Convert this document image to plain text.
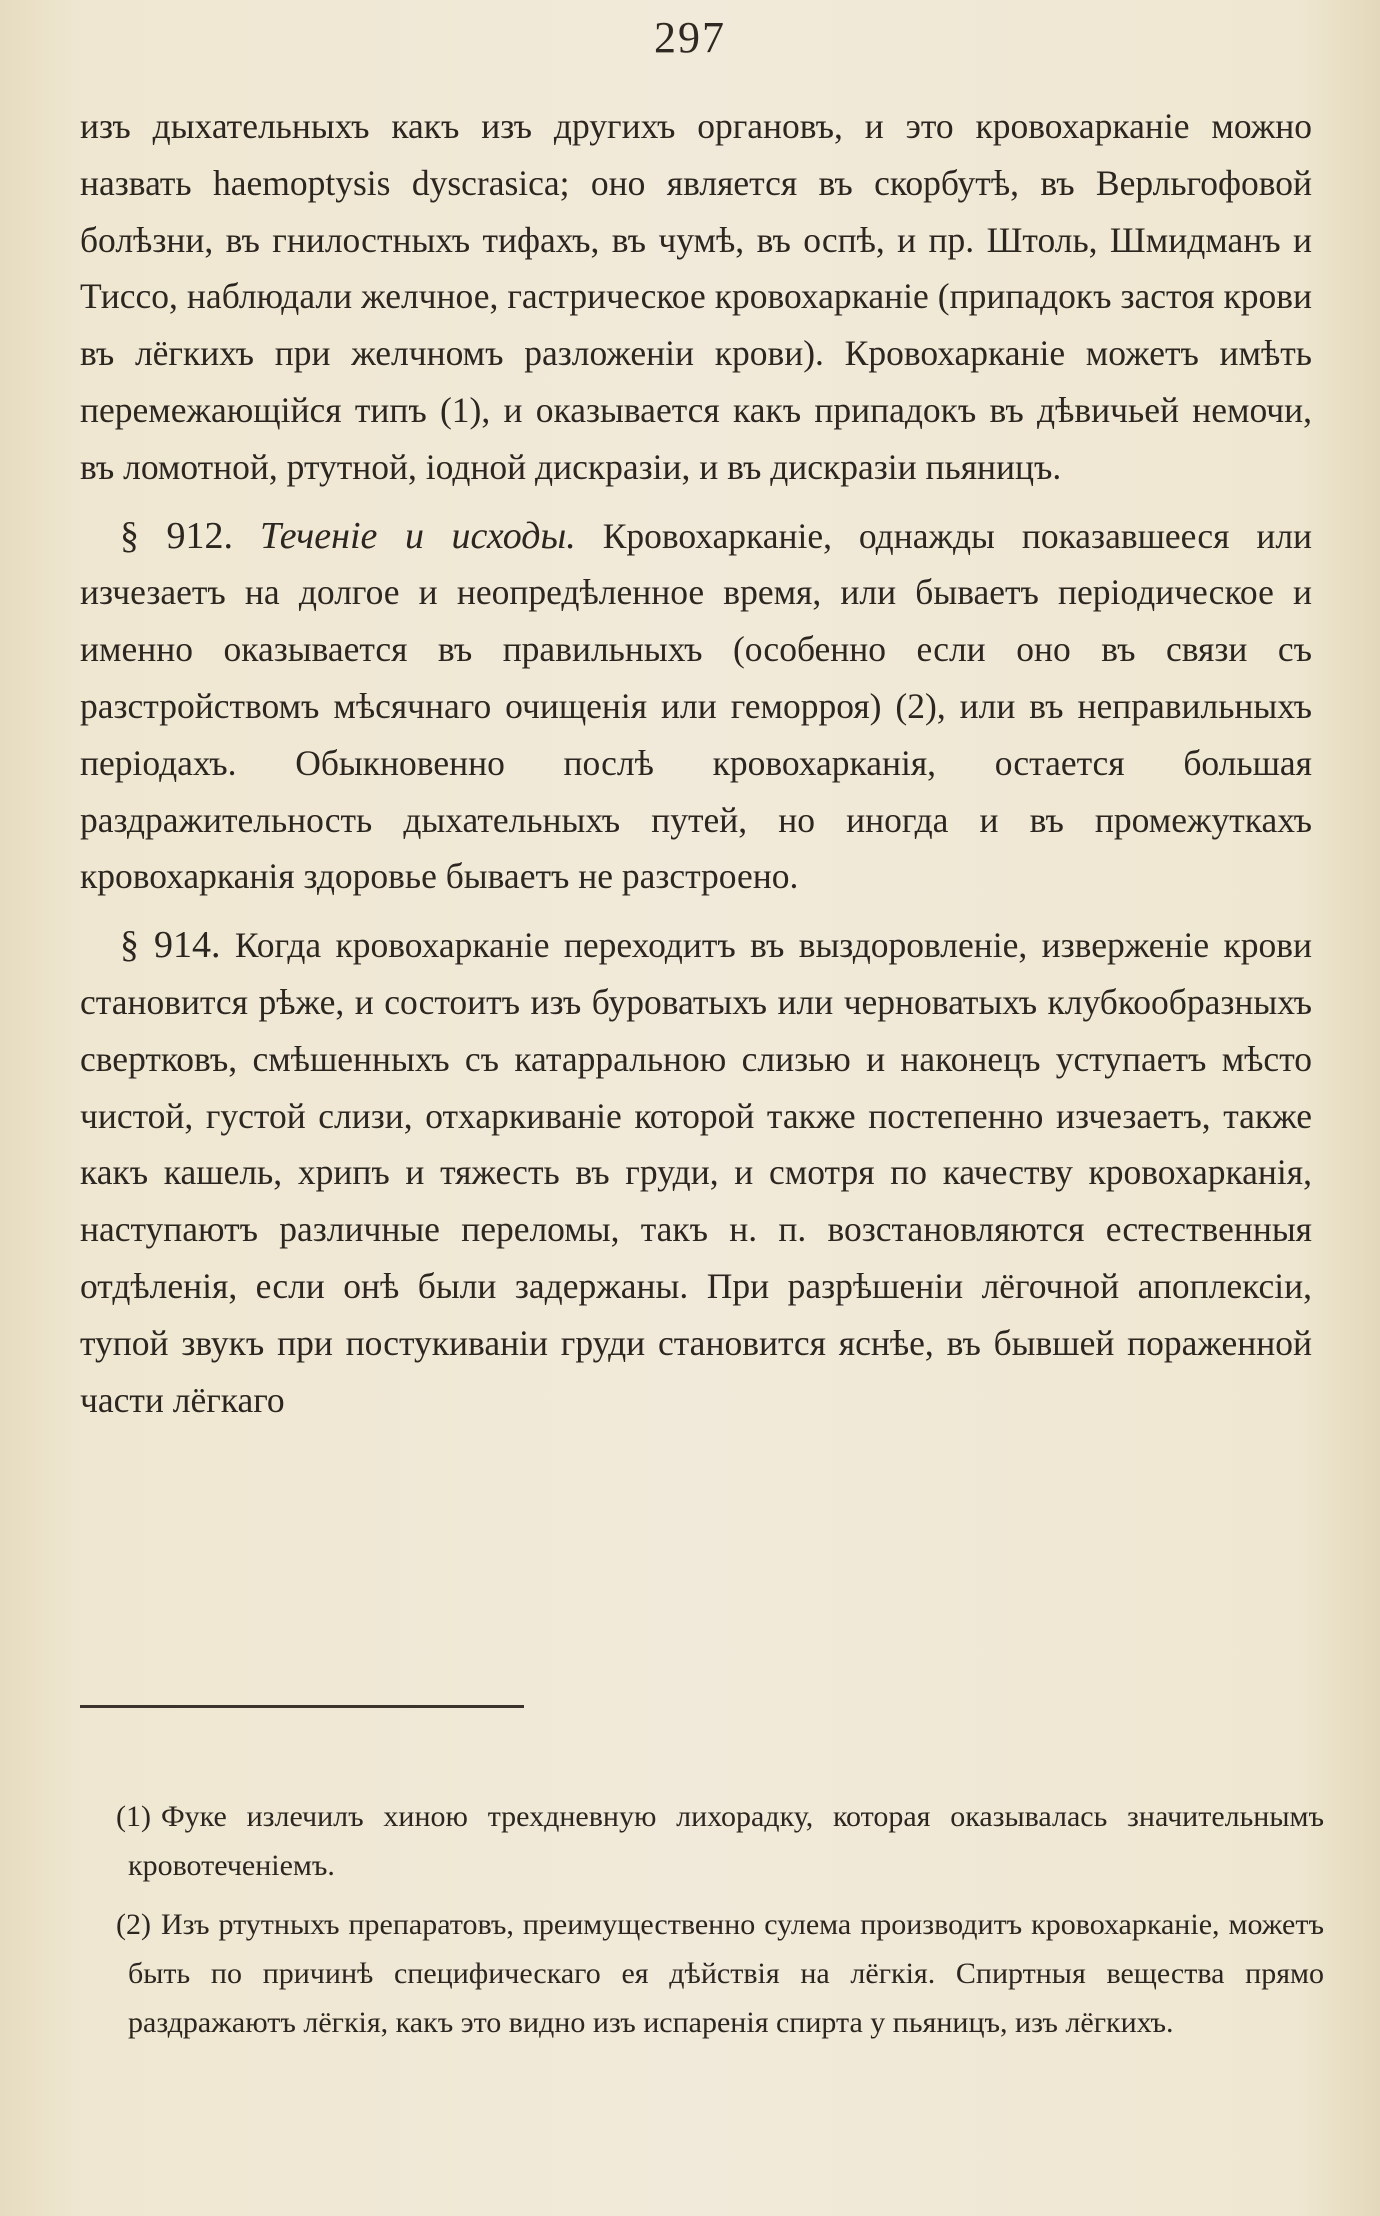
297

изъ дыхательныхъ какъ изъ другихъ органовъ, и это кровохарканіе можно назвать haemoptysis dyscrasica; оно является въ скорбутѣ, въ Верльгофовой болѣзни, въ гнилостныхъ тифахъ, въ чумѣ, въ оспѣ, и пр. Штоль, Шмидманъ и Тиссо, наблюдали желчное, гастрическое кровохарканіе (припадокъ застоя крови въ лёгкихъ при желчномъ разложеніи крови). Кровохарканіе можетъ имѣть перемежающійся типъ (1), и оказывается какъ припадокъ въ дѣвичьей немочи, въ ломотной, ртутной, іодной дискразіи, и въ дискразіи пьяницъ.

§ 912. Теченіе и исходы. Кровохарканіе, однажды показавшееся или изчезаетъ на долгое и неопредѣленное время, или бываетъ періодическое и именно оказывается въ правильныхъ (особенно если оно въ связи съ разстройствомъ мѣсячнаго очищенія или геморроя) (2), или въ неправильныхъ періодахъ. Обыкновенно послѣ кровохарканія, остается большая раздражительность дыхательныхъ путей, но иногда и въ промежуткахъ кровохарканія здоровье бываетъ не разстроено.

§ 914. Когда кровохарканіе переходитъ въ выздоровленіе, изверженіе крови становится рѣже, и состоитъ изъ буроватыхъ или черноватыхъ клубкообразныхъ свертковъ, смѣшенныхъ съ катарральною слизью и наконецъ уступаетъ мѣсто чистой, густой слизи, отхаркиваніе которой также постепенно изчезаетъ, также какъ кашель, хрипъ и тяжесть въ груди, и смотря по качеству кровохарканія, наступаютъ различные переломы, такъ н. п. возстановляются естественныя отдѣленія, если онѣ были задержаны. При разрѣшеніи лёгочной апоплексіи, тупой звукъ при постукиваніи груди становится яснѣе, въ бывшей пораженной части лёгкаго

(1) Фуке излечилъ хиною трехдневную лихорадку, которая оказывалась значительнымъ кровотеченіемъ.

(2) Изъ ртутныхъ препаратовъ, преимущественно сулема производитъ кровохарканіе, можетъ быть по причинѣ специфическаго ея дѣйствія на лёгкія. Спиртныя вещества прямо раздражаютъ лёгкія, какъ это видно изъ испаренія спирта у пьяницъ, изъ лёгкихъ.
